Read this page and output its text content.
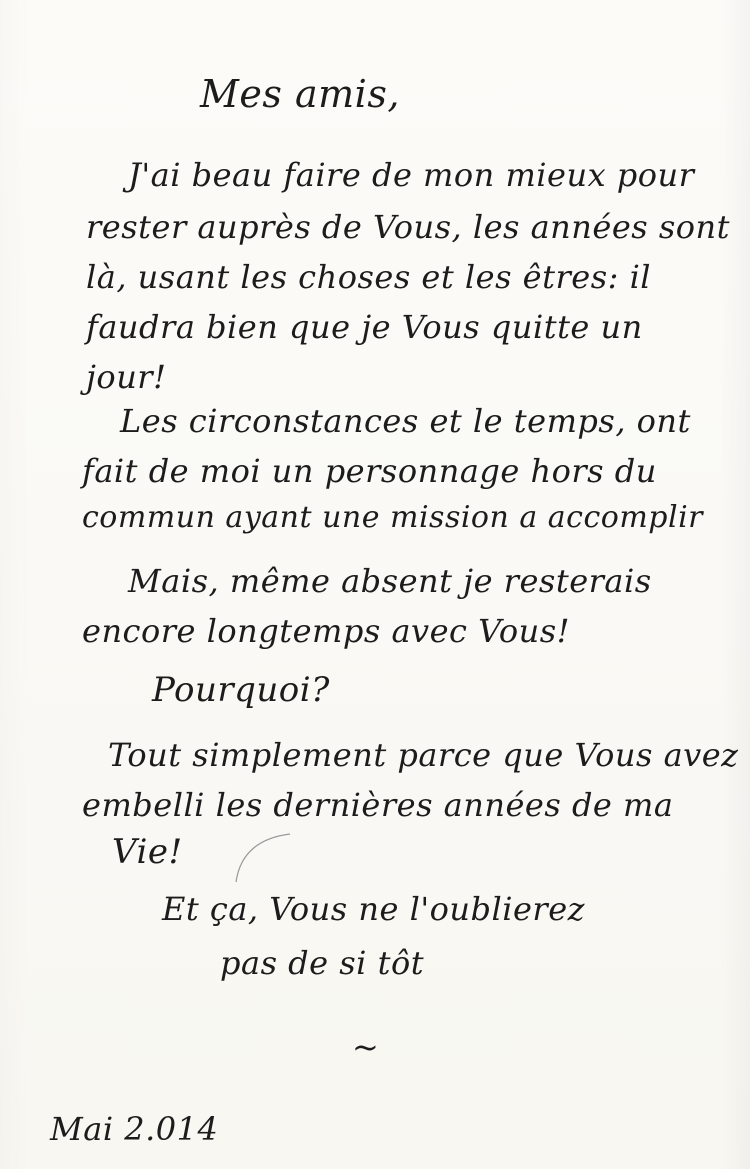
Mes amis,

J'ai beau faire de mon mieux pour

rester auprès de Vous, les années sont

là, usant les choses et les êtres: il

faudra bien que je Vous quitte un

jour!

Les circonstances et le temps, ont

fait de moi un personnage hors du

commun ayant une mission a accomplir

Mais, même absent je resterais

encore longtemps avec Vous!

Pourquoi?

Tout simplement parce que Vous avez

embelli les dernières années de ma

Vie!

Et ça, Vous ne l'oublierez

pas de si tôt

~

Mai 2.014
